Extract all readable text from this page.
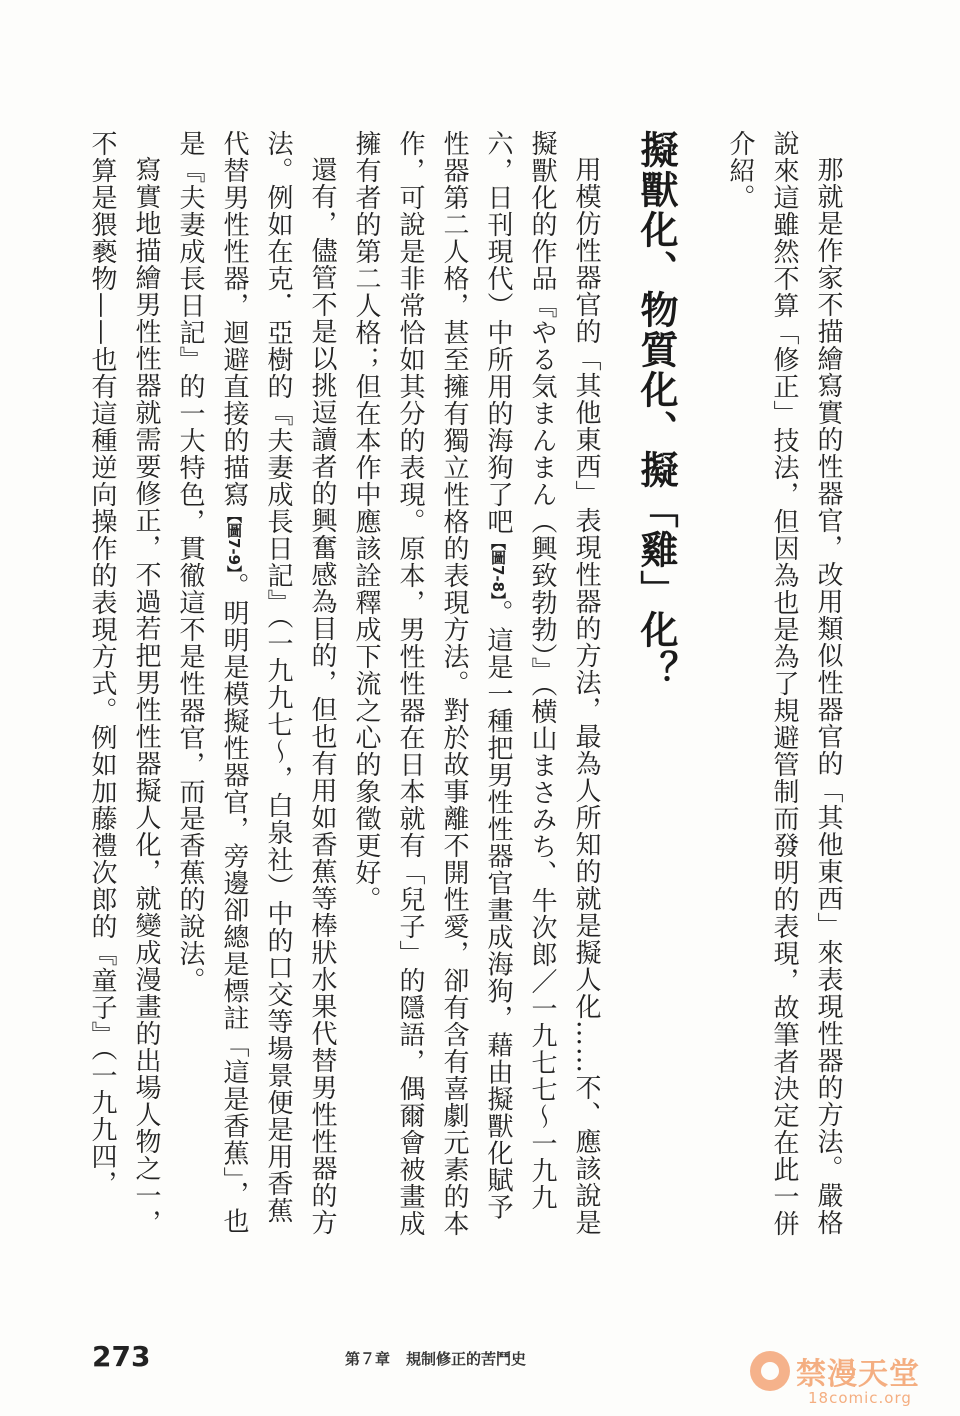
那就是作家不描繪寫實的性器官，改用類似性器官的「其他東西」來表現性器的方法。嚴格說來這雖然不算「修正」技法，但因為也是為了規避管制而發明的表現，故筆者決定在此一併介紹。

擬獸化、物質化、擬「雞」化？

用模仿性器官的「其他東西」表現性器的方法，最為人所知的就是擬人化……不、應該說是擬獸化的作品『やる気まんまん（興致勃勃）』（横山まさみち、牛次郎／一九七七～一九九六，日刊現代）中所用的海狗了吧【圖7-8】。這是一種把男性性器官畫成海狗，藉由擬獸化賦予性器第二人格，甚至擁有獨立性格的表現方法。對於故事離不開性愛，卻有含有喜劇元素的本作，可說是非常恰如其分的表現。原本，男性性器在日本就有「兒子」的隱語，偶爾會被畫成擁有者的第二人格；但在本作中應該詮釋成下流之心的象徵更好。

還有，儘管不是以挑逗讀者的興奮感為目的，但也有用如香蕉等棒狀水果代替男性性器的方法。例如在克．亞樹的『夫妻成長日記』（一九九七～，白泉社）中的口交等場景便是用香蕉代替男性性器，迴避直接的描寫【圖7-9】。明明是模擬性器官，旁邊卻總是標註「這是香蕉」，也是『夫妻成長日記』的一大特色，貫徹這不是性器官，而是香蕉的說法。

寫實地描繪男性性器就需要修正，不過若把男性性器擬人化，就變成漫畫的出場人物之一，不算是猥褻物——也有這種逆向操作的表現方式。例如加藤禮次郎的『童子』（一九九四，

273	第７章 規制修正的苦鬥史	禁漫天堂
18comic.org
